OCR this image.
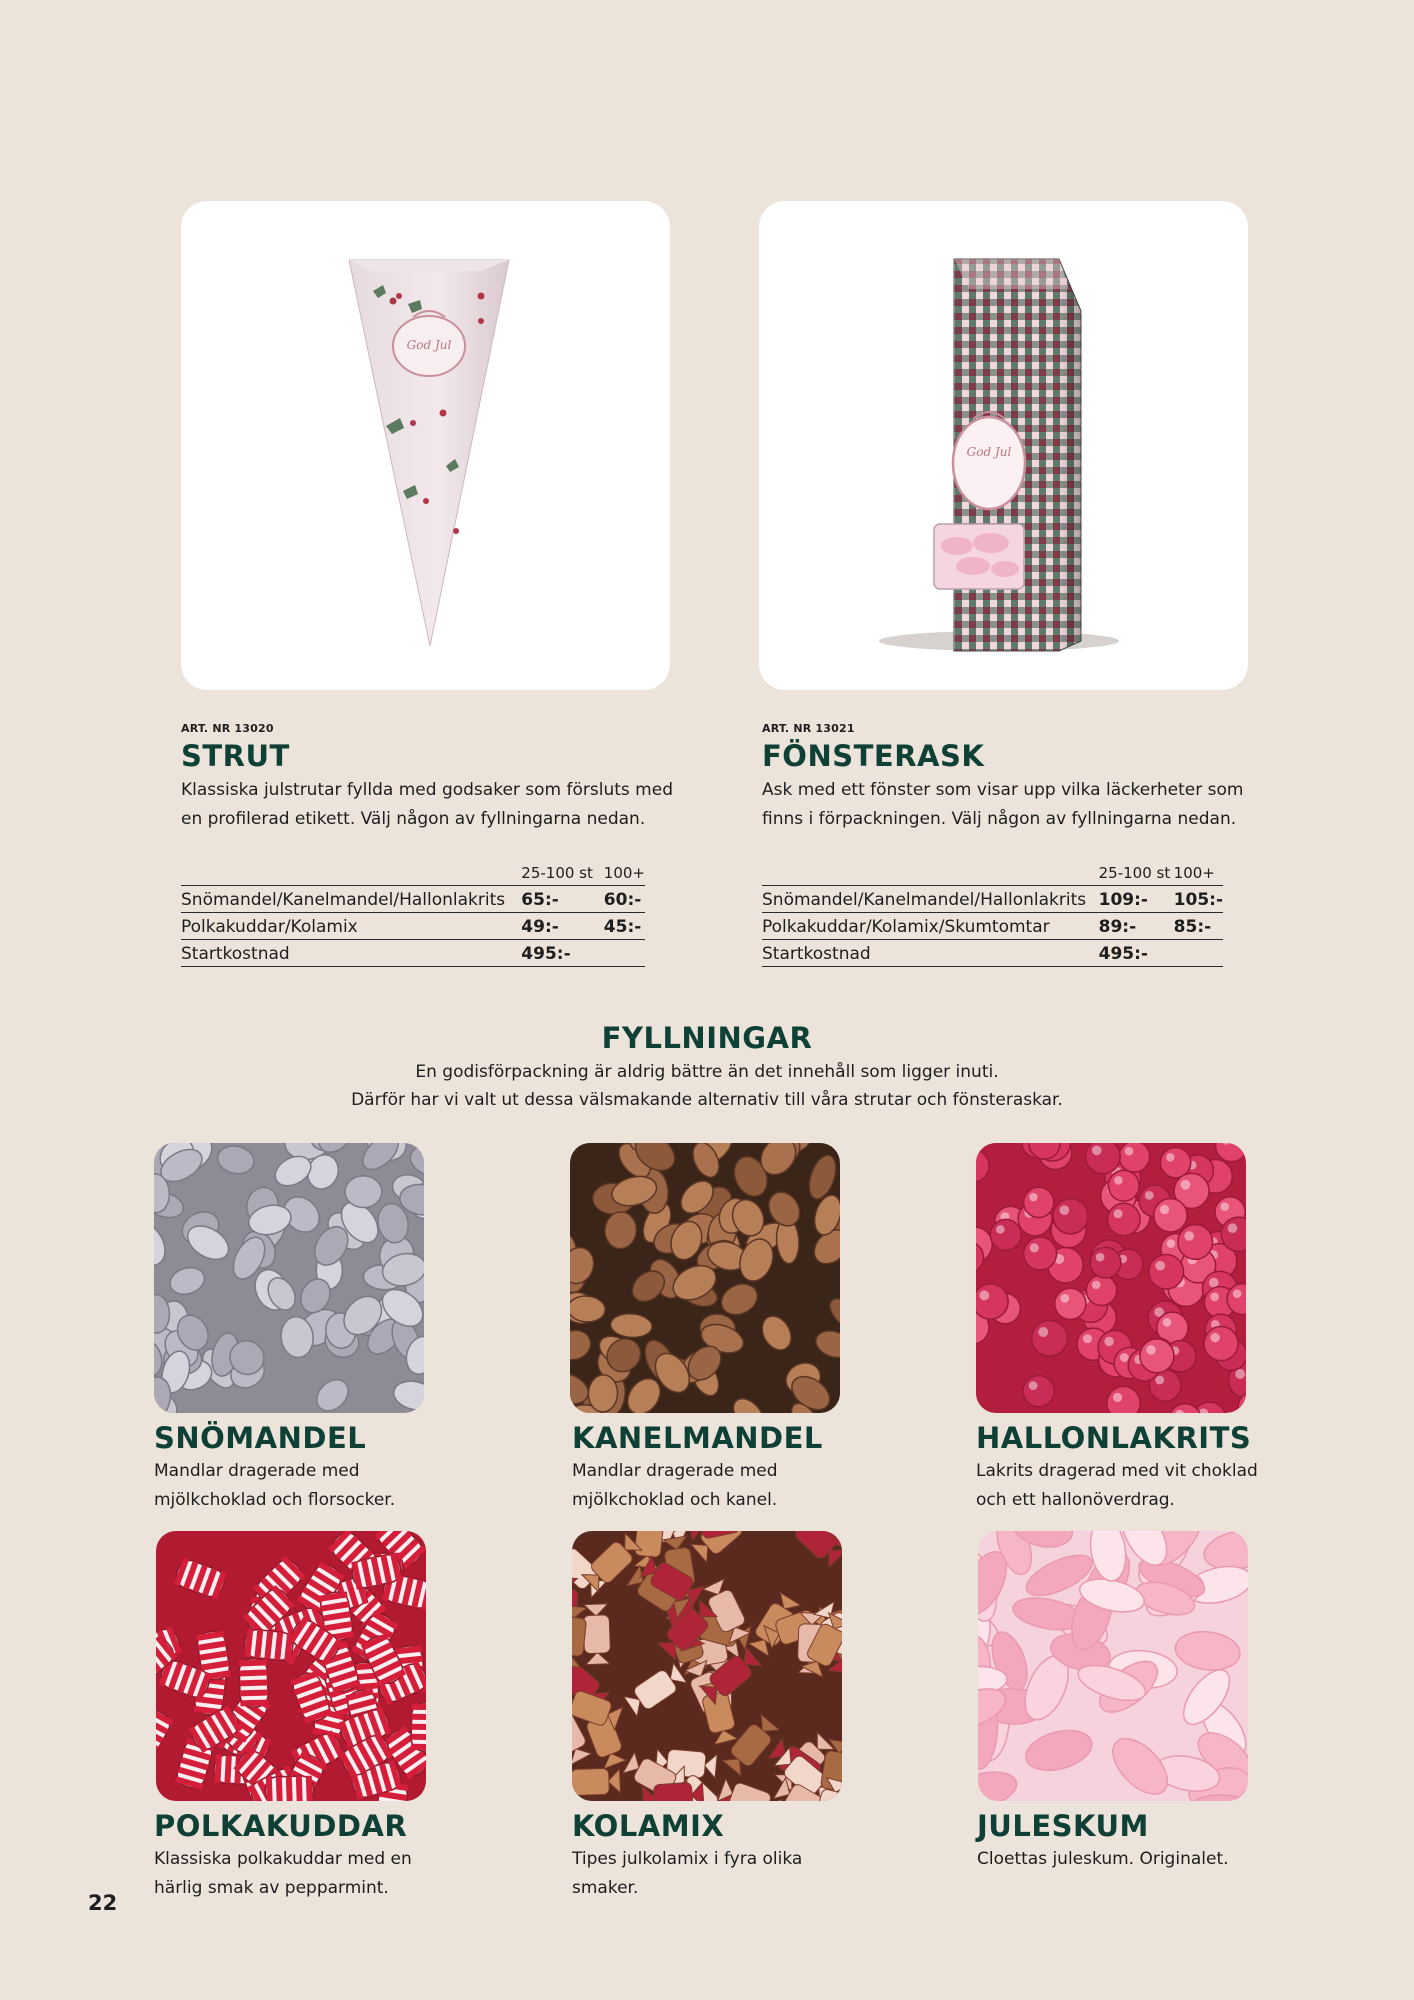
God Jul
ART. NR 13020
STRUT
Klassiska julstrutar fyllda med godsaker som försluts med en profilerad etikett. Välj någon av fyllningarna nedan.
	25-100 st	100+
Snömandel/Kanelmandel/Hallonlakrits	65:-	60:-
Polkakuddar/Kolamix	49:-	45:-
Startkostnad	495:-	
God Jul
ART. NR 13021
FÖNSTERASK
Ask med ett fönster som visar upp vilka läckerheter som finns i förpackningen. Välj någon av fyllningarna nedan.
	25-100 st	100+
Snömandel/Kanelmandel/Hallonlakrits	109:-	105:-
Polkakuddar/Kolamix/Skumtomtar	89:-	85:-
Startkostnad	495:-	
FYLLNINGAR
En godisförpackning är aldrig bättre än det innehåll som ligger inuti.
Därför har vi valt ut dessa välsmakande alternativ till våra strutar och fönsteraskar.
SNÖMANDEL
Mandlar dragerade med
mjölkchoklad och florsocker.
KANELMANDEL
Mandlar dragerade med
mjölkchoklad och kanel.
HALLONLAKRITS
Lakrits dragerad med vit choklad
och ett hallonöverdrag.
POLKAKUDDAR
Klassiska polkakuddar med en
härlig smak av pepparmint.
KOLAMIX
Tipes julkolamix i fyra olika
smaker.
JULESKUM
Cloettas juleskum. Originalet.
22
